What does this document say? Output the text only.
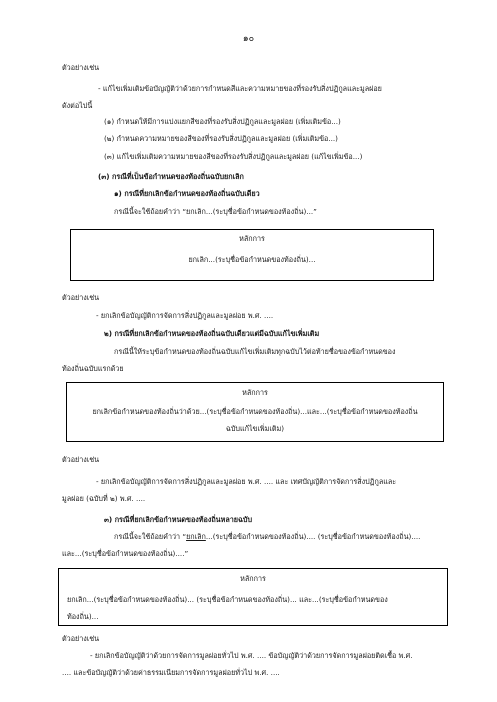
๑๐
ตัวอย่างเช่น
- แก้ไขเพิ่มเติมข้อบัญญัติว่าด้วยการกำหนดสีและความหมายของที่รองรับสิ่งปฏิกูลและมูลฝอย
ดังต่อไปนี้
(๑) กำหนดให้มีการแบ่งแยกสีของที่รองรับสิ่งปฏิกูลและมูลฝอย (เพิ่มเติมข้อ...)
(๒) กำหนดความหมายของสีของที่รองรับสิ่งปฏิกูลและมูลฝอย (เพิ่มเติมข้อ...)
(๓) แก้ไขเพิ่มเติมความหมายของสีของที่รองรับสิ่งปฏิกูลและมูลฝอย (แก้ไขเพิ่มข้อ...)
(๓) กรณีที่เป็นข้อกำหนดของท้องถิ่นฉบับยกเลิก
๑) กรณีที่ยกเลิกข้อกำหนดของท้องถิ่นฉบับเดียว
กรณีนี้จะใช้ถ้อยคำว่า “ยกเลิก...(ระบุชื่อข้อกำหนดของท้องถิ่น)...”
หลักการ
ยกเลิก...(ระบุชื่อข้อกำหนดของท้องถิ่น)...
ตัวอย่างเช่น
- ยกเลิกข้อบัญญัติการจัดการสิ่งปฏิกูลและมูลฝอย พ.ศ. ....
๒) กรณีที่ยกเลิกข้อกำหนดของท้องถิ่นฉบับเดียวแต่มีฉบับแก้ไขเพิ่มเติม
กรณีนี้ให้ระบุข้อกำหนดของท้องถิ่นฉบับแก้ไขเพิ่มเติมทุกฉบับไว้ต่อท้ายชื่อของข้อกำหนดของ
ท้องถิ่นฉบับแรกด้วย
หลักการ
ยกเลิกข้อกำหนดของท้องถิ่นว่าด้วย...(ระบุชื่อข้อกำหนดของท้องถิ่น)...และ...(ระบุชื่อข้อกำหนดของท้องถิ่น
ฉบับแก้ไขเพิ่มเติม)
ตัวอย่างเช่น
- ยกเลิกข้อบัญญัติการจัดการสิ่งปฏิกูลและมูลฝอย พ.ศ. .... และ เทศบัญญัติการจัดการสิ่งปฏิกูลและ
มูลฝอย (ฉบับที่ ๒) พ.ศ. ....
๓) กรณีที่ยกเลิกข้อกำหนดของท้องถิ่นหลายฉบับ
กรณีนี้จะใช้ถ้อยคำว่า “ยกเลิก...(ระบุชื่อข้อกำหนดของท้องถิ่น).... (ระบุชื่อข้อกำหนดของท้องถิ่น)....
และ...(ระบุชื่อข้อกำหนดของท้องถิ่น)....”
หลักการ
ยกเลิก...(ระบุชื่อข้อกำหนดของท้องถิ่น)... (ระบุชื่อข้อกำหนดของท้องถิ่น)... และ...(ระบุชื่อข้อกำหนดของ
ท้องถิ่น)...
ตัวอย่างเช่น
- ยกเลิกข้อบัญญัติว่าด้วยการจัดการมูลฝอยทั่วไป พ.ศ. .... ข้อบัญญัติว่าด้วยการจัดการมูลฝอยติดเชื้อ พ.ศ.
.... และข้อบัญญัติว่าด้วยค่าธรรมเนียมการจัดการมูลฝอยทั่วไป พ.ศ. ....
